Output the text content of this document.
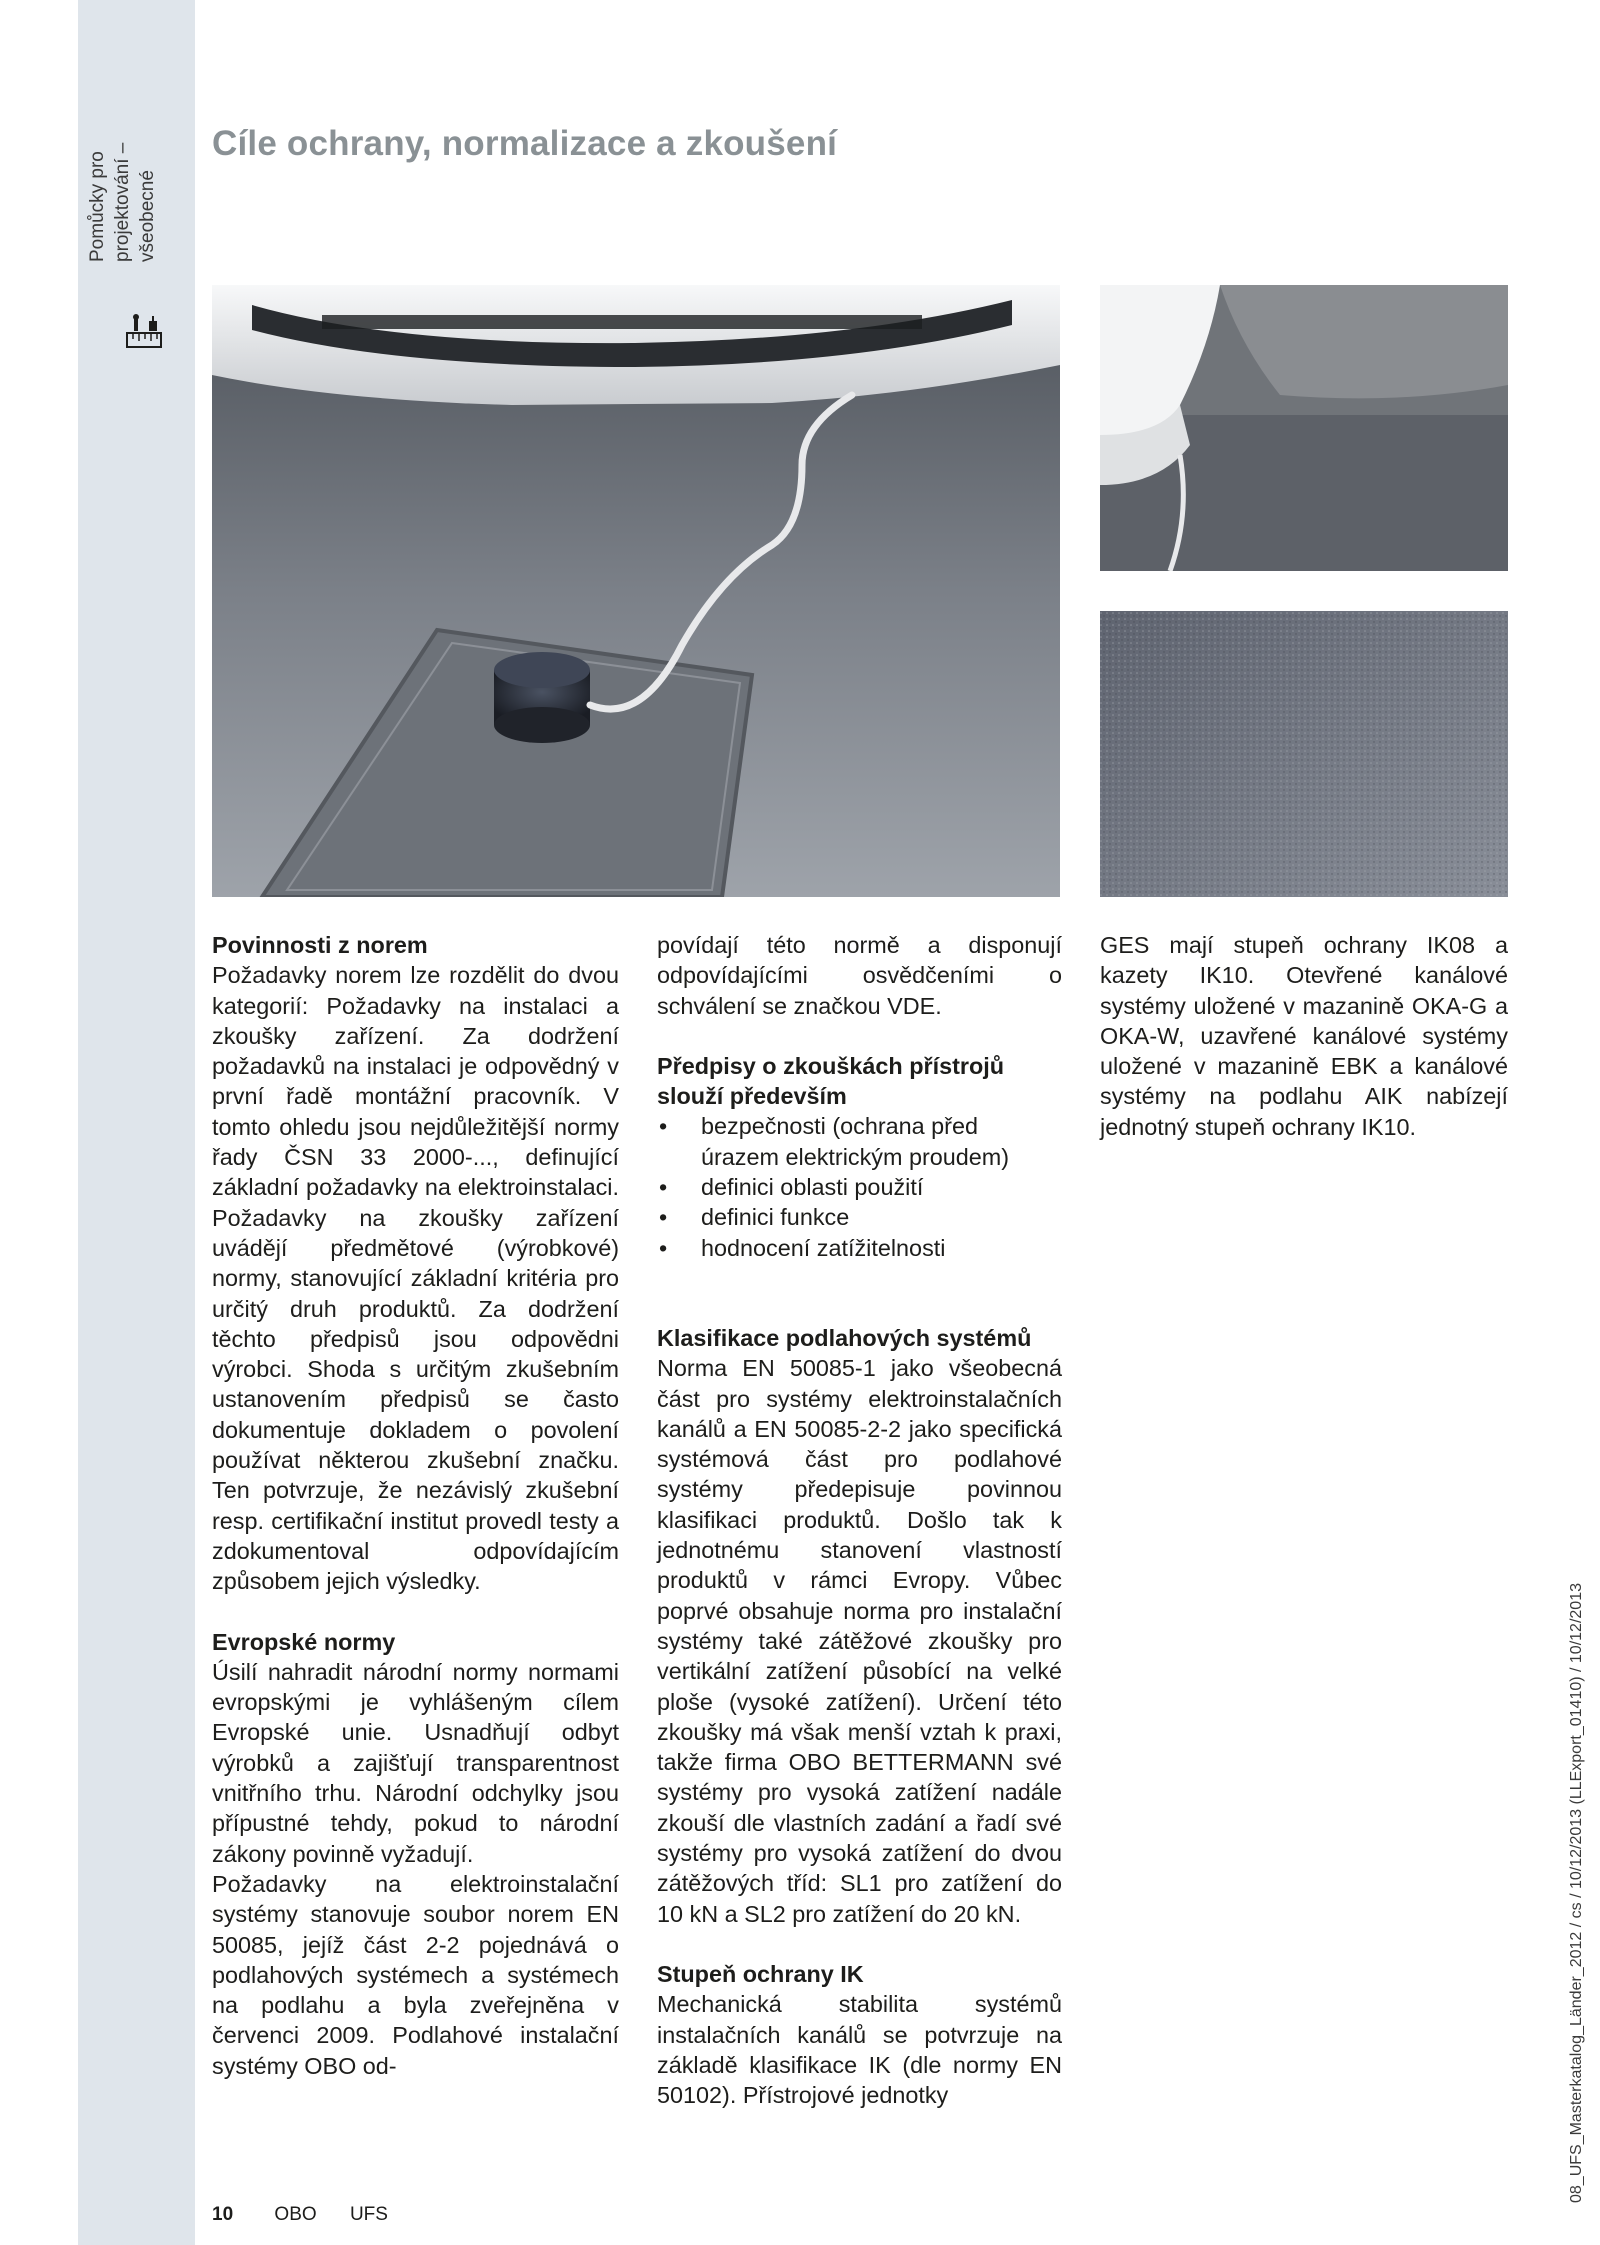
Pomůcky pro projektování – všeobecné
Cíle ochrany, normalizace a zkoušení
Povinnosti z norem

Požadavky norem lze rozdělit do dvou kategorií: Požadavky na instalaci a zkoušky zařízení. Za dodržení požadavků na instalaci je odpovědný v první řadě montážní pracovník. V tomto ohledu jsou nejdůležitější normy řady ČSN 33 2000-..., definující základní požadavky na elektroinstalaci. Požadavky na zkoušky zařízení uvádějí předmětové (výrobkové) normy, stanovující základní kritéria pro určitý druh produktů. Za dodržení těchto předpisů jsou odpovědni výrobci. Shoda s určitým zkušebním ustanovením předpisů se často dokumentuje dokladem o povolení používat některou zkušební značku. Ten potvrzuje, že nezávislý zkušební resp. certifikační institut provedl testy a zdokumentoval odpovídajícím způsobem jejich výsledky.

Evropské normy

Úsilí nahradit národní normy normami evropskými je vyhlášeným cílem Evropské unie. Usnadňují odbyt výrobků a zajišťují transparentnost vnitřního trhu. Národní odchylky jsou přípustné tehdy, pokud to národní zákony povinně vyžadují.

Požadavky na elektroinstalační systémy stanovuje soubor norem EN 50085, jejíž část 2-2 pojednává o podlahových systémech a systémech na podlahu a byla zveřejněna v červenci 2009. Podlahové instalační systémy OBO od-

povídají této normě a disponují odpovídajícími osvědčeními o schválení se značkou VDE.

Předpisy o zkouškách přístrojů slouží především
• bezpečnosti (ochrana před úrazem elektrickým proudem)
• definici oblasti použití
• definici funkce
• hodnocení zatížitelnosti
Klasifikace podlahových systémů

Norma EN 50085-1 jako všeobecná část pro systémy elektroinstalačních kanálů a EN 50085-2-2 jako specifická systémová část pro podlahové systémy předepisuje povinnou klasifikaci produktů. Došlo tak k jednotnému stanovení vlastností produktů v rámci Evropy. Vůbec poprvé obsahuje norma pro instalační systémy také zátěžové zkoušky pro vertikální zatížení působící na velké ploše (vysoké zatížení). Určení této zkoušky má však menší vztah k praxi, takže firma OBO BETTERMANN své systémy pro vysoká zatížení nadále zkouší dle vlastních zadání a řadí své systémy pro vysoká zatížení do dvou zátěžových tříd: SL1 pro zatížení do 10 kN a SL2 pro zatížení do 20 kN.

Stupeň ochrany IK

Mechanická stabilita systémů instalačních kanálů se potvrzuje na základě klasifikace IK (dle normy EN 50102). Přístrojové jednotky

GES mají stupeň ochrany IK08 a kazety IK10. Otevřené kanálové systémy uložené v mazanině OKA-G a OKA-W, uzavřené kanálové systémy uložené v mazanině EBK a kanálové systémy na podlahu AIK nabízejí jednotný stupeň ochrany IK10.

10 OBO UFS
08_UFS_Masterkatalog_Länder_2012 / cs / 10/12/2013 (LLExport_01410) / 10/12/2013
